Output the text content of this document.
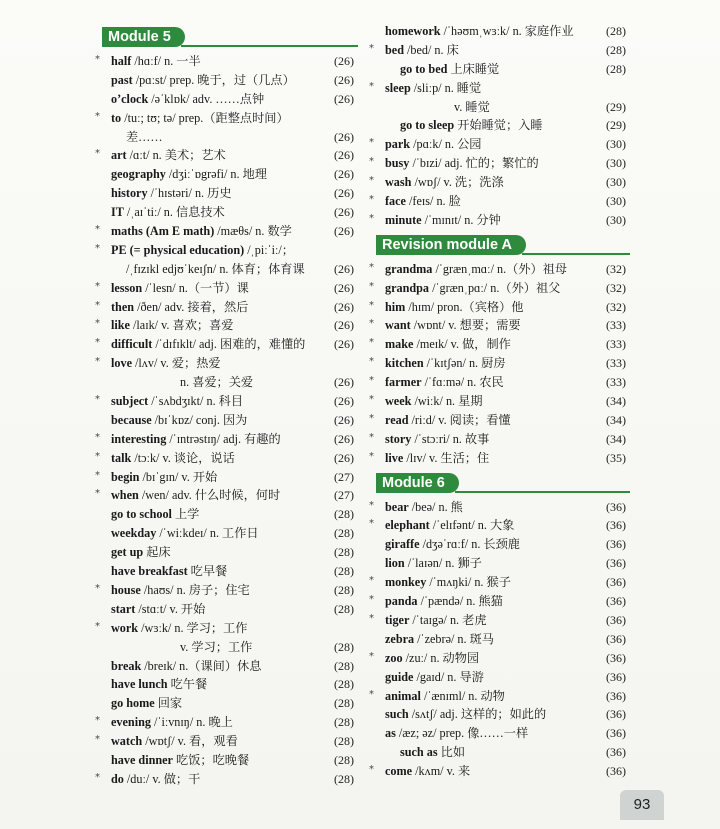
Module 5
* half /hɑːf/ n. 一半	(26)
past /pɑːst/ prep. 晚于，过（几点）	(26)
o’clock /əˈklɒk/ adv. ……点钟	(26)
* to /tuː; tʊ; tə/ prep.（距整点时间）
差……	(26)
* art /ɑːt/ n. 美术；艺术	(26)
geography /dʒiːˈɒgrəfi/ n. 地理	(26)
history /ˈhɪstəri/ n. 历史	(26)
IT /ˌaɪˈtiː/ n. 信息技术	(26)
* maths (Am E math) /mæθs/ n. 数学	(26)
* PE (= physical education) /ˌpiːˈiː/；
/ˌfɪzɪkl edjʊˈkeɪʃn/ n. 体育；体育课	(26)
* lesson /ˈlesn/ n.（一节）课	(26)
* then /ðen/ adv. 接着，然后	(26)
* like /laɪk/ v. 喜欢；喜爱	(26)
* difficult /ˈdɪfɪklt/ adj. 困难的，难懂的	(26)
* love /lʌv/ v. 爱；热爱
n. 喜爱；关爱	(26)
* subject /ˈsʌbdʒɪkt/ n. 科目	(26)
because /bɪˈkɒz/ conj. 因为	(26)
* interesting /ˈɪntrəstɪŋ/ adj. 有趣的	(26)
* talk /tɔːk/ v. 谈论，说话	(26)
* begin /bɪˈgɪn/ v. 开始	(27)
* when /wen/ adv. 什么时候，何时	(27)
go to school 上学	(28)
weekday /ˈwiːkdeɪ/ n. 工作日	(28)
get up 起床	(28)
have breakfast 吃早餐	(28)
* house /haʊs/ n. 房子；住宅	(28)
start /stɑːt/ v. 开始	(28)
* work /wɜːk/ n. 学习；工作
v. 学习；工作	(28)
break /breɪk/ n.（课间）休息	(28)
have lunch 吃午餐	(28)
go home 回家	(28)
* evening /ˈiːvnɪŋ/ n. 晚上	(28)
* watch /wɒtʃ/ v. 看，观看	(28)
have dinner 吃饭；吃晚餐	(28)
* do /duː/ v. 做；干	(28)
homework /ˈhəʊmˌwɜːk/ n. 家庭作业	(28)
* bed /bed/ n. 床	(28)
go to bed 上床睡觉	(28)
* sleep /sliːp/ n. 睡觉
v. 睡觉	(29)
go to sleep 开始睡觉；入睡	(29)
* park /pɑːk/ n. 公园	(30)
* busy /ˈbɪzi/ adj. 忙的；繁忙的	(30)
* wash /wɒʃ/ v. 洗；洗涤	(30)
* face /feɪs/ n. 脸	(30)
* minute /ˈmɪnɪt/ n. 分钟	(30)
Revision module A
* grandma /ˈgrænˌmɑː/ n.（外）祖母	(32)
* grandpa /ˈgrænˌpɑː/ n.（外）祖父	(32)
* him /hɪm/ pron.（宾格）他	(32)
* want /wɒnt/ v. 想要；需要	(33)
* make /meɪk/ v. 做，制作	(33)
* kitchen /ˈkɪtʃən/ n. 厨房	(33)
* farmer /ˈfɑːmə/ n. 农民	(33)
* week /wiːk/ n. 星期	(34)
* read /riːd/ v. 阅读；看懂	(34)
* story /ˈstɔːri/ n. 故事	(34)
* live /lɪv/ v. 生活；住	(35)
Module 6
* bear /beə/ n. 熊	(36)
* elephant /ˈelɪfənt/ n. 大象	(36)
giraffe /dʒəˈrɑːf/ n. 长颈鹿	(36)
lion /ˈlaɪən/ n. 狮子	(36)
* monkey /ˈmʌŋki/ n. 猴子	(36)
* panda /ˈpændə/ n. 熊猫	(36)
* tiger /ˈtaɪgə/ n. 老虎	(36)
zebra /ˈzebrə/ n. 斑马	(36)
* zoo /zuː/ n. 动物园	(36)
guide /gaɪd/ n. 导游	(36)
* animal /ˈænɪml/ n. 动物	(36)
such /sʌtʃ/ adj. 这样的；如此的	(36)
as /æz; əz/ prep. 像……一样	(36)
such as 比如	(36)
* come /kʌm/ v. 来	(36)
93
